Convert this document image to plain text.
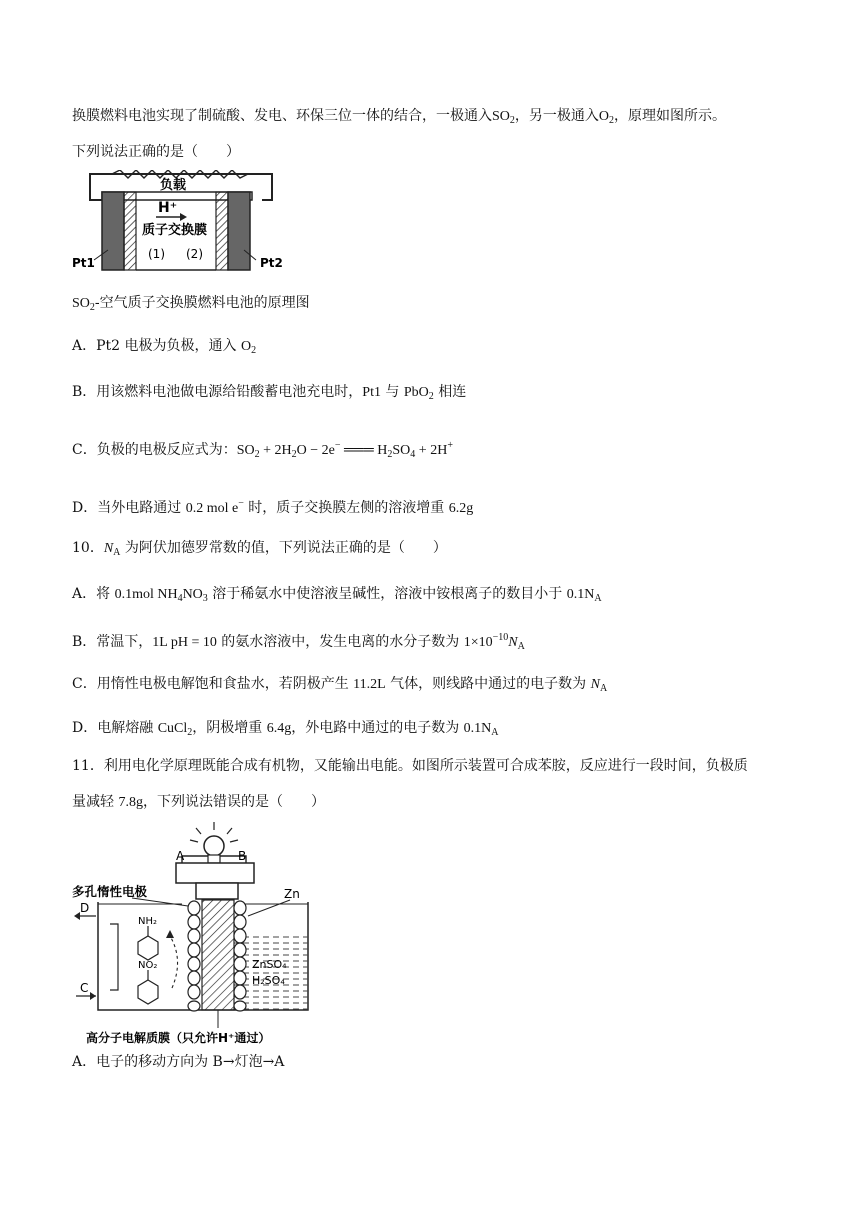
换膜燃料电池实现了制硫酸、发电、环保三位一体的结合，一极通入$SO_2$，另一极通入$O_2$，原理如图所示。
下列说法正确的是（　　）
负载
H⁺
质子交换膜
(1) (2)
Pt1	Pt2
$SO_2-$空气质子交换膜燃料电池的原理图
A．Pt2 电极为负极，通入 $O_2$
B．用该燃料电池做电源给铅酸蓄电池充电时，Pt1 与 PbO$_2$ 相连
C．负极的电极反应式为：$SO_2 + 2H_2O - 2e^-$ ═══ $H_2SO_4 + 2H^+$
D．当外电路通过 0.2 mol e− 时，质子交换膜左侧的溶液增重 6.2g
10．$N_A$ 为阿伏加德罗常数的值，下列说法正确的是（　　）
A．将 0.1mol $NH_4NO_3$ 溶于稀氨水中使溶液呈碱性，溶液中铵根离子的数目小于 $0.1N_A$
B．常温下，1L pH = 10 的氨水溶液中，发生电离的水分子数为 $1\times 10^{-10}N_A$
C．用惰性电极电解饱和食盐水，若阴极产生 11.2L 气体，则线路中通过的电子数为 $N_A$
D．电解熔融 CuCl$_2$，阴极增重 6.4g，外电路中通过的电子数为 $0.1N_A$
11．利用电化学原理既能合成有机物，又能输出电能。如图所示装置可合成苯胺，反应进行一段时间，负极质
量减轻 7.8g，下列说法错误的是（　　）
A	B
多孔惰性电极	Zn
D
C
NH₂
NO₂	ZnSO₄
H₂SO₄
高分子电解质膜（只允许H⁺通过）
A．电子的移动方向为 B→灯泡→A
